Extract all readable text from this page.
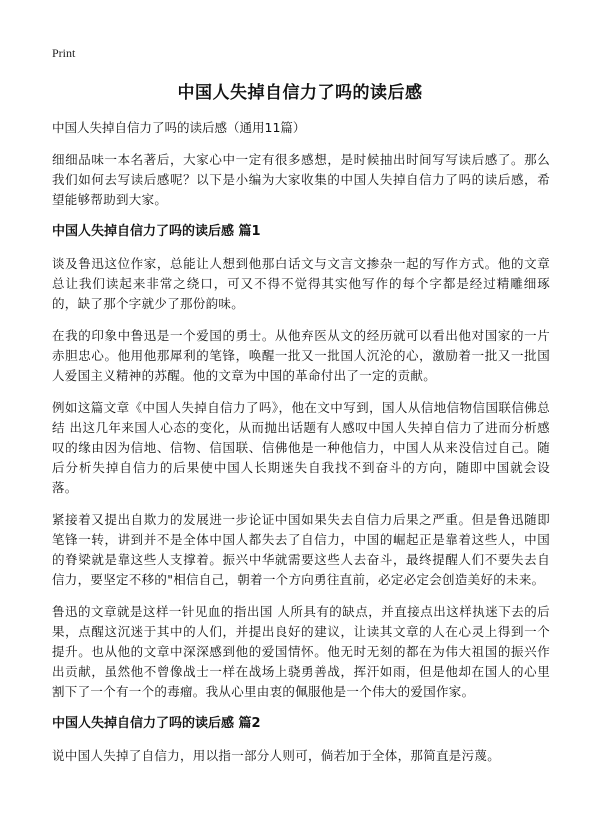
Print
中国人失掉自信力了吗的读后感

中国人失掉自信力了吗的读后感（通用11篇）

细细品味一本名著后，大家心中一定有很多感想，是时候抽出时间写写读后感了。那么我们如何去写读后感呢？以下是小编为大家收集的中国人失掉自信力了吗的读后感，希望能够帮助到大家。

中国人失掉自信力了吗的读后感 篇1

谈及鲁迅这位作家，总能让人想到他那白话文与文言文掺杂一起的写作方式。他的文章总让我们读起来非常之绕口，可又不得不觉得其实他写作的每个字都是经过精雕细琢的，缺了那个字就少了那份韵味。

在我的印象中鲁迅是一个爱国的勇士。从他弃医从文的经历就可以看出他对国家的一片赤胆忠心。他用他那犀利的笔锋，唤醒一批又一批国人沉沦的心，激励着一批又一批国人爱国主义精神的苏醒。他的文章为中国的革命付出了一定的贡献。

例如这篇文章《中国人失掉自信力了吗》，他在文中写到，国人从信地信物信国联信佛总结 出这几年来国人心态的变化，从而抛出话题有人感叹中国人失掉自信力了进而分析感叹的缘由因为信地、信物、信国联、信佛他是一种他信力，中国人从来没信过自己。随后分析失掉自信力的后果使中国人长期迷失自我找不到奋斗的方向，随即中国就会设落。

紧接着又提出自欺力的发展进一步论证中国如果失去自信力后果之严重。但是鲁迅随即笔锋一转，讲到并不是全体中国人都失去了自信力，中国的崛起正是靠着这些人，中国的脊梁就是靠这些人支撑着。振兴中华就需要这些人去奋斗，最终提醒人们不要失去自信力，要坚定不移的"相信自己，朝着一个方向勇往直前，必定必定会创造美好的未来。

鲁迅的文章就是这样一针见血的指出国 人所具有的缺点，并直接点出这样执迷下去的后果，点醒这沉迷于其中的人们，并提出良好的建议，让读其文章的人在心灵上得到一个提升。也从他的文章中深深感到他的爱国情怀。他无时无刻的都在为伟大祖国的振兴作出贡献，虽然他不曾像战士一样在战场上骁勇善战，挥汗如雨，但是他却在国人的心里割下了一个有一个的毒瘤。我从心里由衷的佩服他是一个伟大的爱国作家。

中国人失掉自信力了吗的读后感 篇2

说中国人失掉了自信力，用以指一部分人则可，倘若加于全体，那简直是污蔑。
